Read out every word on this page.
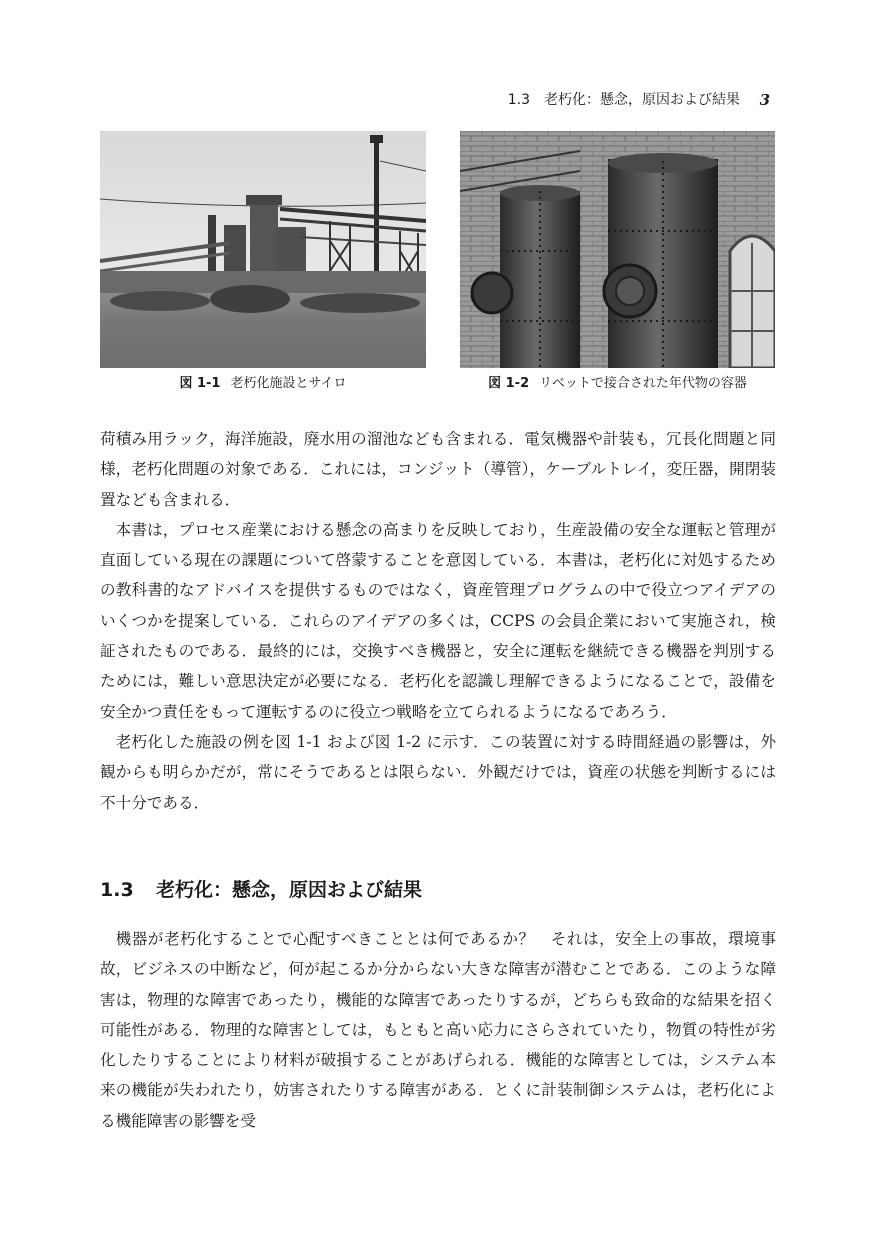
1.3　老朽化：懸念，原因および結果 3
図 1-1 老朽化施設とサイロ	図 1-2 リベットで接合された年代物の容器

荷積み用ラック，海洋施設，廃水用の溜池なども含まれる．電気機器や計装も，冗長化問題と同様，老朽化問題の対象である．これには，コンジット（導管），ケーブルトレイ，変圧器，開閉装置なども含まれる．

本書は，プロセス産業における懸念の高まりを反映しており，生産設備の安全な運転と管理が直面している現在の課題について啓蒙することを意図している．本書は，老朽化に対処するための教科書的なアドバイスを提供するものではなく，資産管理プログラムの中で役立つアイデアのいくつかを提案している．これらのアイデアの多くは，CCPS の会員企業において実施され，検証されたものである．最終的には，交換すべき機器と，安全に運転を継続できる機器を判別するためには，難しい意思決定が必要になる．老朽化を認識し理解できるようになることで，設備を安全かつ責任をもって運転するのに役立つ戦略を立てられるようになるであろう．

老朽化した施設の例を図 1-1 および図 1-2 に示す．この装置に対する時間経過の影響は，外観からも明らかだが，常にそうであるとは限らない．外観だけでは，資産の状態を判断するには不十分である．

1.3 老朽化：懸念，原因および結果

機器が老朽化することで心配すべきこととは何であるか？　それは，安全上の事故，環境事故，ビジネスの中断など，何が起こるか分からない大きな障害が潜むことである．このような障害は，物理的な障害であったり，機能的な障害であったりするが，どちらも致命的な結果を招く可能性がある．物理的な障害としては，もともと高い応力にさらされていたり，物質の特性が劣化したりすることにより材料が破損することがあげられる．機能的な障害としては，システム本来の機能が失われたり，妨害されたりする障害がある．とくに計装制御システムは，老朽化による機能障害の影響を受
